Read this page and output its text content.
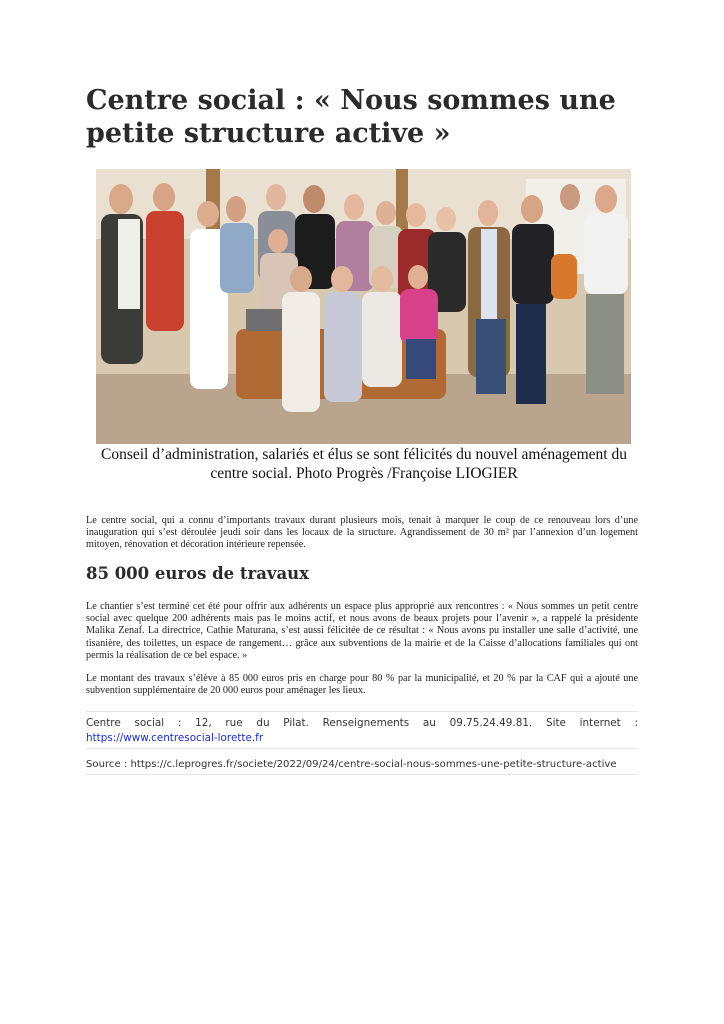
Centre social : « Nous sommes une petite structure active »
Conseil d’administration, salariés et élus se sont félicités du nouvel aménagement du centre social. Photo Progrès /Françoise LIOGIER

Le centre social, qui a connu d’importants travaux durant plusieurs mois, tenait à marquer le coup de ce renouveau lors d’une inauguration qui s’est déroulée jeudi soir dans les locaux de la structure. Agrandissement de 30 m² par l’annexion d’un logement mitoyen, rénovation et décoration intérieure repensée.

85 000 euros de travaux

Le chantier s’est terminé cet été pour offrir aux adhérents un espace plus approprié aux rencontres : « Nous sommes un petit centre social avec quelque 200 adhérents mais pas le moins actif, et nous avons de beaux projets pour l’avenir », a rappelé la présidente Malika Zenaf. La directrice, Cathie Maturana, s’est aussi félicitée de ce résultat : « Nous avons pu installer une salle d’activité, une tisanière, des toilettes, un espace de rangement… grâce aux subventions de la mairie et de la Caisse d’allocations familiales qui ont permis la réalisation de ce bel espace. »

Le montant des travaux s’élève à 85 000 euros pris en charge pour 80 % par la municipalité, et 20 % par la CAF qui a ajouté une subvention supplémentaire de 20 000 euros pour aménager les lieux.

Centre social : 12, rue du Pilat. Renseignements au 09.75.24.49.81. Site internet : https://www.centresocial-lorette.fr

Source : https://c.leprogres.fr/societe/2022/09/24/centre-social-nous-sommes-une-petite-structure-active
